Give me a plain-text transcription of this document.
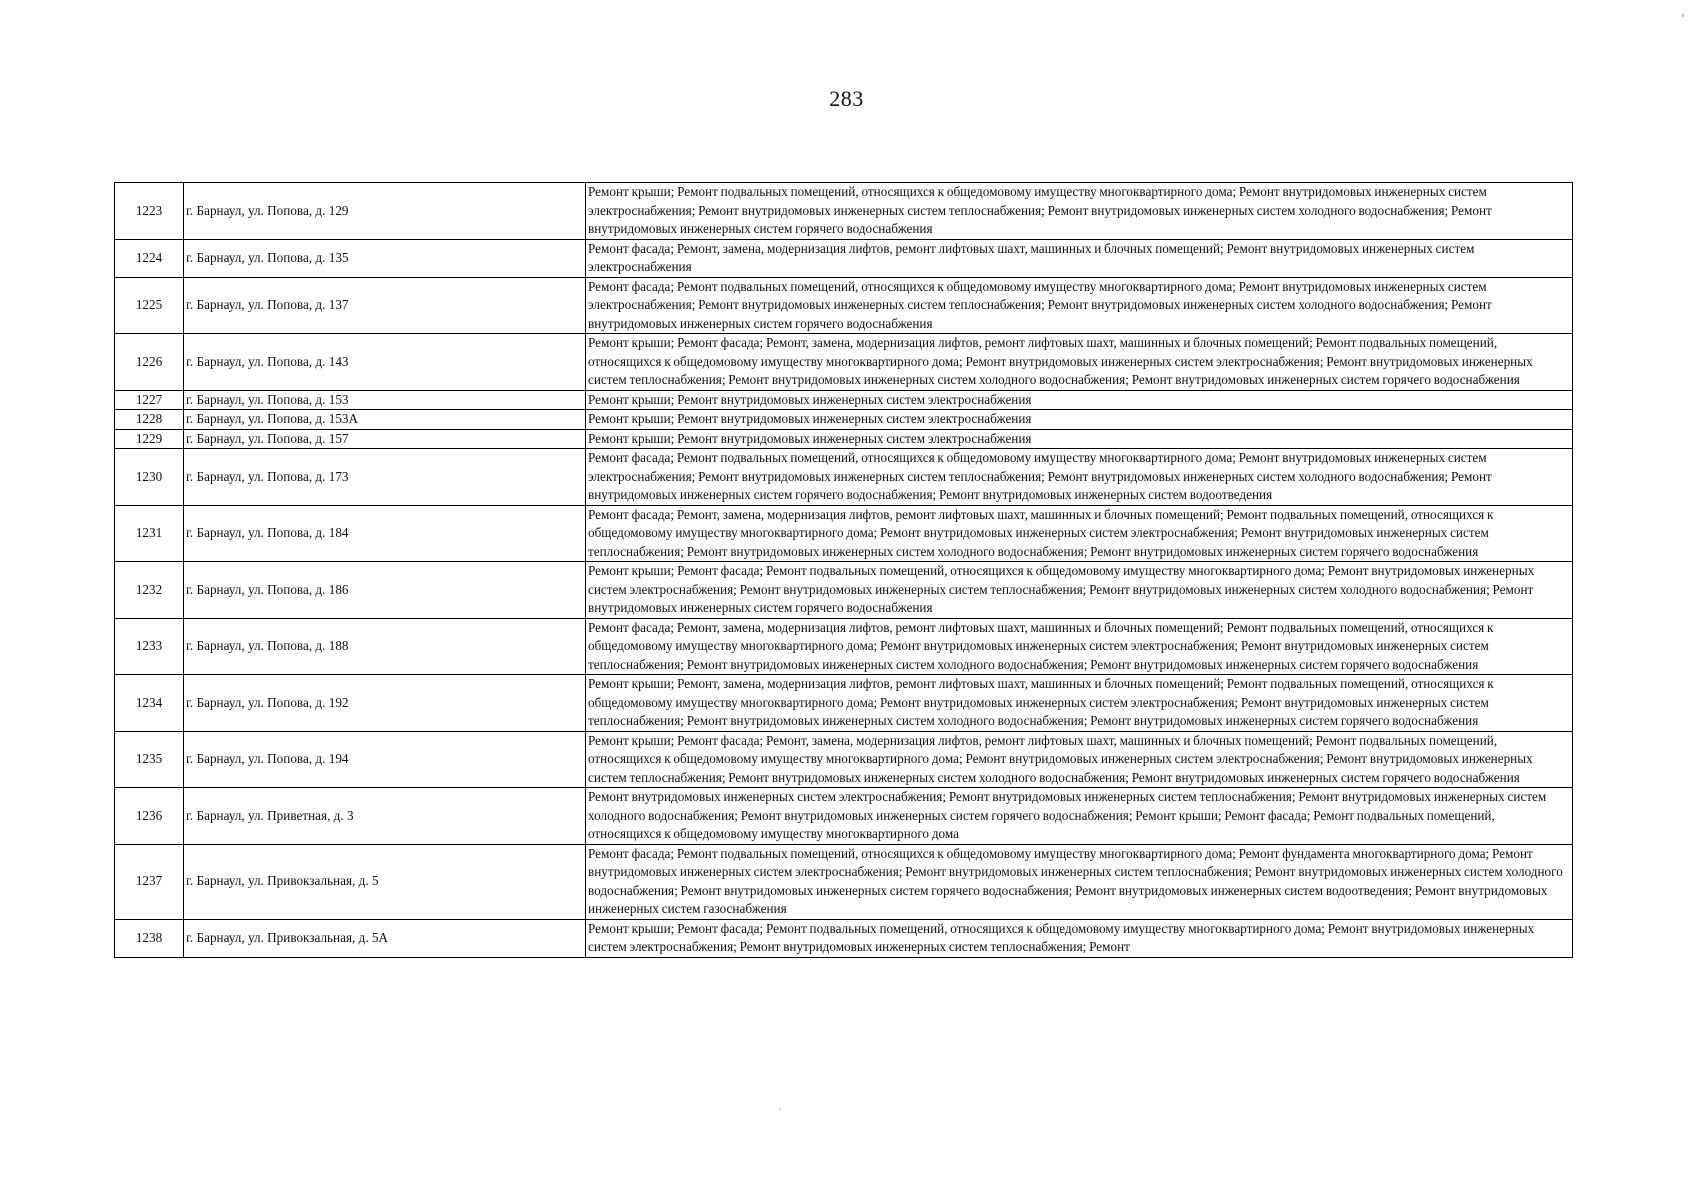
283
1223	г. Барнаул, ул. Попова, д. 129	Ремонт крыши; Ремонт подвальных помещений, относящихся к общедомовому имуществу многоквартирного дома; Ремонт внутридомовых инженерных систем электроснабжения; Ремонт внутридомовых инженерных систем теплоснабжения; Ремонт внутридомовых инженерных систем холодного водоснабжения; Ремонт внутридомовых инженерных систем горячего водоснабжения
1224	г. Барнаул, ул. Попова, д. 135	Ремонт фасада; Ремонт, замена, модернизация лифтов, ремонт лифтовых шахт, машинных и блочных помещений; Ремонт внутридомовых инженерных систем электроснабжения
1225	г. Барнаул, ул. Попова, д. 137	Ремонт фасада; Ремонт подвальных помещений, относящихся к общедомовому имуществу многоквартирного дома; Ремонт внутридомовых инженерных систем электроснабжения; Ремонт внутридомовых инженерных систем теплоснабжения; Ремонт внутридомовых инженерных систем холодного водоснабжения; Ремонт внутридомовых инженерных систем горячего водоснабжения
1226	г. Барнаул, ул. Попова, д. 143	Ремонт крыши; Ремонт фасада; Ремонт, замена, модернизация лифтов, ремонт лифтовых шахт, машинных и блочных помещений; Ремонт подвальных помещений, относящихся к общедомовому имуществу многоквартирного дома; Ремонт внутридомовых инженерных систем электроснабжения; Ремонт внутридомовых инженерных систем теплоснабжения; Ремонт внутридомовых инженерных систем холодного водоснабжения; Ремонт внутридомовых инженерных систем горячего водоснабжения
1227	г. Барнаул, ул. Попова, д. 153	Ремонт крыши; Ремонт внутридомовых инженерных систем электроснабжения
1228	г. Барнаул, ул. Попова, д. 153А	Ремонт крыши; Ремонт внутридомовых инженерных систем электроснабжения
1229	г. Барнаул, ул. Попова, д. 157	Ремонт крыши; Ремонт внутридомовых инженерных систем электроснабжения
1230	г. Барнаул, ул. Попова, д. 173	Ремонт фасада; Ремонт подвальных помещений, относящихся к общедомовому имуществу многоквартирного дома; Ремонт внутридомовых инженерных систем электроснабжения; Ремонт внутридомовых инженерных систем теплоснабжения; Ремонт внутридомовых инженерных систем холодного водоснабжения; Ремонт внутридомовых инженерных систем горячего водоснабжения; Ремонт внутридомовых инженерных систем водоотведения
1231	г. Барнаул, ул. Попова, д. 184	Ремонт фасада; Ремонт, замена, модернизация лифтов, ремонт лифтовых шахт, машинных и блочных помещений; Ремонт подвальных помещений, относящихся к общедомовому имуществу многоквартирного дома; Ремонт внутридомовых инженерных систем электроснабжения; Ремонт внутридомовых инженерных систем теплоснабжения; Ремонт внутридомовых инженерных систем холодного водоснабжения; Ремонт внутридомовых инженерных систем горячего водоснабжения
1232	г. Барнаул, ул. Попова, д. 186	Ремонт крыши; Ремонт фасада; Ремонт подвальных помещений, относящихся к общедомовому имуществу многоквартирного дома; Ремонт внутридомовых инженерных систем электроснабжения; Ремонт внутридомовых инженерных систем теплоснабжения; Ремонт внутридомовых инженерных систем холодного водоснабжения; Ремонт внутридомовых инженерных систем горячего водоснабжения
1233	г. Барнаул, ул. Попова, д. 188	Ремонт фасада; Ремонт, замена, модернизация лифтов, ремонт лифтовых шахт, машинных и блочных помещений; Ремонт подвальных помещений, относящихся к общедомовому имуществу многоквартирного дома; Ремонт внутридомовых инженерных систем электроснабжения; Ремонт внутридомовых инженерных систем теплоснабжения; Ремонт внутридомовых инженерных систем холодного водоснабжения; Ремонт внутридомовых инженерных систем горячего водоснабжения
1234	г. Барнаул, ул. Попова, д. 192	Ремонт крыши; Ремонт, замена, модернизация лифтов, ремонт лифтовых шахт, машинных и блочных помещений; Ремонт подвальных помещений, относящихся к общедомовому имуществу многоквартирного дома; Ремонт внутридомовых инженерных систем электроснабжения; Ремонт внутридомовых инженерных систем теплоснабжения; Ремонт внутридомовых инженерных систем холодного водоснабжения; Ремонт внутридомовых инженерных систем горячего водоснабжения
1235	г. Барнаул, ул. Попова, д. 194	Ремонт крыши; Ремонт фасада; Ремонт, замена, модернизация лифтов, ремонт лифтовых шахт, машинных и блочных помещений; Ремонт подвальных помещений, относящихся к общедомовому имуществу многоквартирного дома; Ремонт внутридомовых инженерных систем электроснабжения; Ремонт внутридомовых инженерных систем теплоснабжения; Ремонт внутридомовых инженерных систем холодного водоснабжения; Ремонт внутридомовых инженерных систем горячего водоснабжения
1236	г. Барнаул, ул. Приветная, д. 3	Ремонт внутридомовых инженерных систем электроснабжения; Ремонт внутридомовых инженерных систем теплоснабжения; Ремонт внутридомовых инженерных систем холодного водоснабжения; Ремонт внутридомовых инженерных систем горячего водоснабжения; Ремонт крыши; Ремонт фасада; Ремонт подвальных помещений, относящихся к общедомовому имуществу многоквартирного дома
1237	г. Барнаул, ул. Привокзальная, д. 5	Ремонт фасада; Ремонт подвальных помещений, относящихся к общедомовому имуществу многоквартирного дома; Ремонт фундамента многоквартирного дома; Ремонт внутридомовых инженерных систем электроснабжения; Ремонт внутридомовых инженерных систем теплоснабжения; Ремонт внутридомовых инженерных систем холодного водоснабжения; Ремонт внутридомовых инженерных систем горячего водоснабжения; Ремонт внутридомовых инженерных систем водоотведения; Ремонт внутридомовых инженерных систем газоснабжения
1238	г. Барнаул, ул. Привокзальная, д. 5А	Ремонт крыши; Ремонт фасада; Ремонт подвальных помещений, относящихся к общедомовому имуществу многоквартирного дома; Ремонт внутридомовых инженерных систем электроснабжения; Ремонт внутридомовых инженерных систем теплоснабжения; Ремонт
